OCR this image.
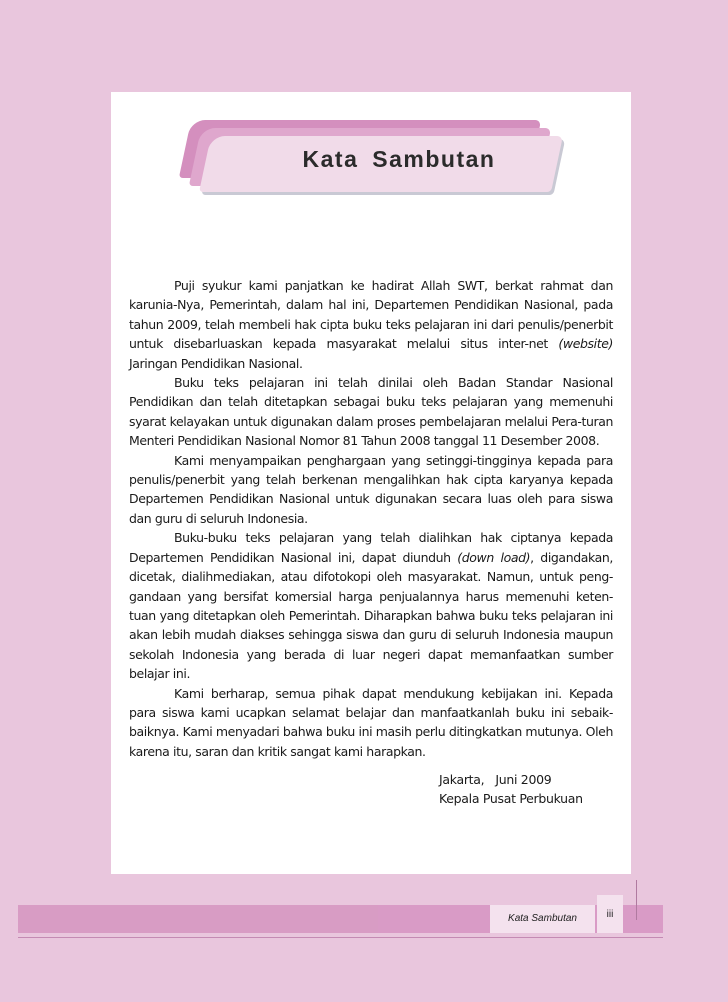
Kata Sambutan

Puji syukur kami panjatkan ke hadirat Allah SWT, berkat rahmat dan karunia-Nya, Pemerintah, dalam hal ini, Departemen Pendidikan Nasional, pada tahun 2009, telah membeli hak cipta buku teks pelajaran ini dari penulis/penerbit untuk disebarluaskan kepada masyarakat melalui situs inter-net (website) Jaringan Pendidikan Nasional.

Buku teks pelajaran ini telah dinilai oleh Badan Standar Nasional Pendidikan dan telah ditetapkan sebagai buku teks pelajaran yang memenuhi syarat kelayakan untuk digunakan dalam proses pembelajaran melalui Pera-turan Menteri Pendidikan Nasional Nomor 81 Tahun 2008 tanggal 11 Desember 2008.

Kami menyampaikan penghargaan yang setinggi-tingginya kepada para penulis/penerbit yang telah berkenan mengalihkan hak cipta karyanya kepada Departemen Pendidikan Nasional untuk digunakan secara luas oleh para siswa dan guru di seluruh Indonesia.

Buku-buku teks pelajaran yang telah dialihkan hak ciptanya kepada Departemen Pendidikan Nasional ini, dapat diunduh (down load), digandakan, dicetak, dialihmediakan, atau difotokopi oleh masyarakat. Namun, untuk peng-gandaan yang bersifat komersial harga penjualannya harus memenuhi keten-tuan yang ditetapkan oleh Pemerintah. Diharapkan bahwa buku teks pelajaran ini akan lebih mudah diakses sehingga siswa dan guru di seluruh Indonesia maupun sekolah Indonesia yang berada di luar negeri dapat memanfaatkan sumber belajar ini.

Kami berharap, semua pihak dapat mendukung kebijakan ini. Kepada para siswa kami ucapkan selamat belajar dan manfaatkanlah buku ini sebaik-baiknya. Kami menyadari bahwa buku ini masih perlu ditingkatkan mutunya. Oleh karena itu, saran dan kritik sangat kami harapkan.

Jakarta,   Juni 2009
Kepala Pusat Perbukuan
Kata Sambutan	iii
